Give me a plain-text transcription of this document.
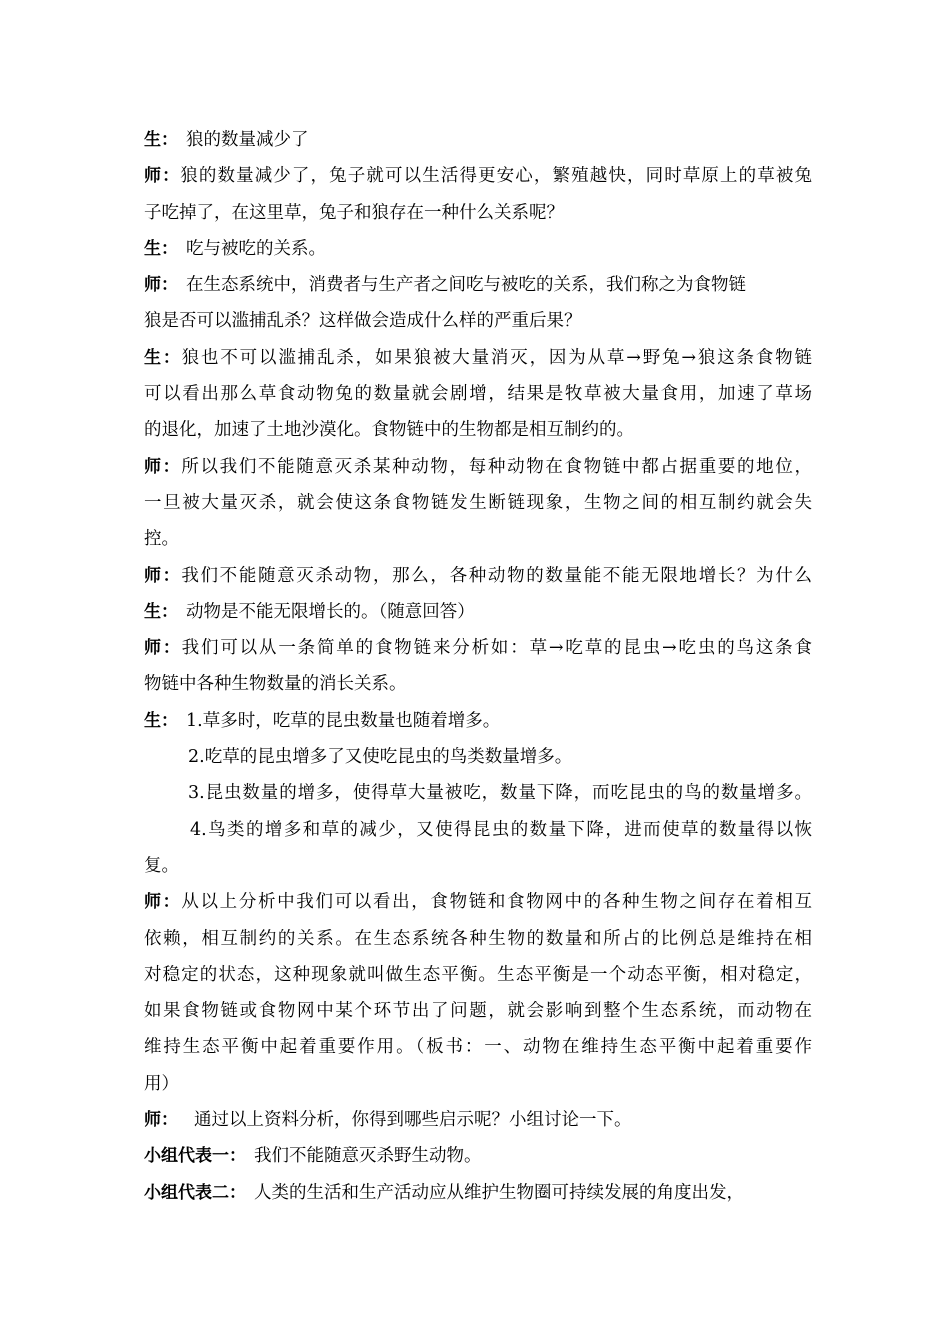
生： 狼的数量减少了
师：狼的数量减少了，兔子就可以生活得更安心，繁殖越快，同时草原上的草被兔
子吃掉了，在这里草，兔子和狼存在一种什么关系呢？
生： 吃与被吃的关系。
师： 在生态系统中，消费者与生产者之间吃与被吃的关系，我们称之为食物链
狼是否可以滥捕乱杀？这样做会造成什么样的严重后果？
生：狼也不可以滥捕乱杀，如果狼被大量消灭，因为从草→野兔→狼这条食物链
可以看出那么草食动物兔的数量就会剧增，结果是牧草被大量食用，加速了草场
的退化，加速了土地沙漠化。食物链中的生物都是相互制约的。
师：所以我们不能随意灭杀某种动物，每种动物在食物链中都占据重要的地位，
一旦被大量灭杀，就会使这条食物链发生断链现象，生物之间的相互制约就会失
控。
师：我们不能随意灭杀动物，那么，各种动物的数量能不能无限地增长？为什么
生： 动物是不能无限增长的。（随意回答）
师：我们可以从一条简单的食物链来分析如：草→吃草的昆虫→吃虫的鸟这条食
物链中各种生物数量的消长关系。
生： 1.草多时，吃草的昆虫数量也随着增多。
2.吃草的昆虫增多了又使吃昆虫的鸟类数量增多。
3.昆虫数量的增多，使得草大量被吃，数量下降，而吃昆虫的鸟的数量增多。
4.鸟类的增多和草的减少，又使得昆虫的数量下降，进而使草的数量得以恢
复。
师：从以上分析中我们可以看出，食物链和食物网中的各种生物之间存在着相互
依赖，相互制约的关系。在生态系统各种生物的数量和所占的比例总是维持在相
对稳定的状态，这种现象就叫做生态平衡。生态平衡是一个动态平衡，相对稳定，
如果食物链或食物网中某个环节出了问题，就会影响到整个生态系统，而动物在
维持生态平衡中起着重要作用。（板书：一、动物在维持生态平衡中起着重要作
用）
师： 通过以上资料分析，你得到哪些启示呢？小组讨论一下。
小组代表一： 我们不能随意灭杀野生动物。
小组代表二： 人类的生活和生产活动应从维护生物圈可持续发展的角度出发，
